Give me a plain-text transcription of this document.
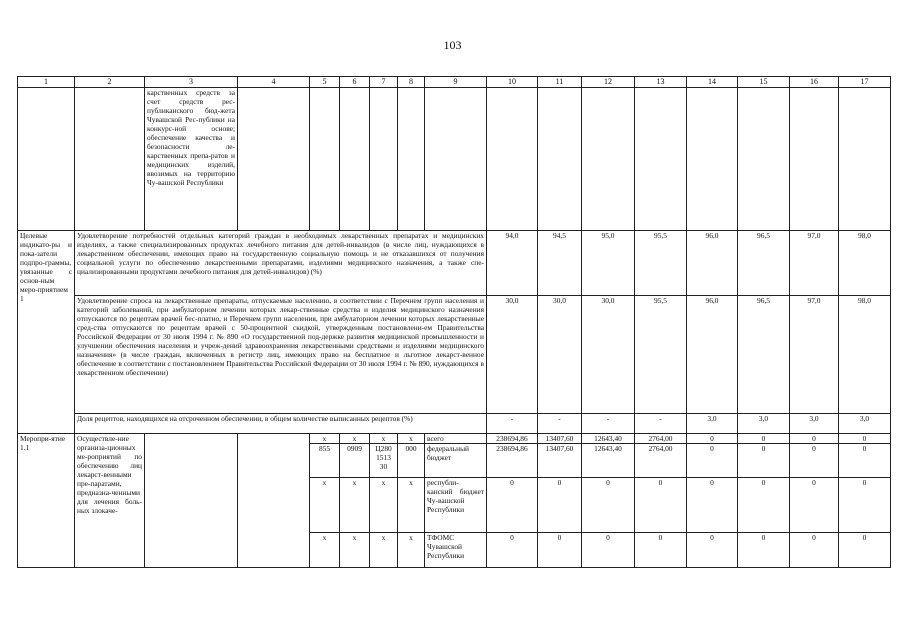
103
1	2	3	4	5	6	7	8	9	10	11	12	13	14	15	16	17
		карственных средств за счет средств рес-публиканского бюд-жета Чувашской Рес-публики на конкурс-ной основе; обеспечение качества и безопасности ле-карственных препа-ратов и медицинских изделий, ввозимых на территорию Чу-вашской Республики														
Целевые индикато-ры и пока-затели подпро-граммы, увязанные с основ-ным меро-приятием 1	Удовлетворение потребностей отдельных категорий граждан в необходимых лекарственных препаратах и медицинских изделиях, а также специализированных продуктах лечебного питания для детей-инвалидов (в числе лиц, нуждающихся в лекарственном обеспечении, имеющих право на государственную социальную помощь и не отказавшихся от получения социальной услуги по обеспечению лекарственными препаратами, изделиями медицинского назначения, а также спе-циализированными продуктами лечебного питания для детей-инвалидов) (%)								94,0	94,5	95,0	95,5	96,0	96,5	97,0	98,0
	Удовлетворение спроса на лекарственные препараты, отпускаемые населению, в соответствии с Перечнем групп населения и категорий заболеваний, при амбулаторном лечении которых лекар-ственные средства и изделия медицинского назначения отпускаются по рецептам врачей бес-платно, и Перечнем групп населения, при амбулаторном лечении которых лекарственные сред-ства отпускаются по рецептам врачей с 50-процентной скидкой, утвержденным постановлени-ем Правительства Российской Федерации от 30 июля 1994 г. № 890 «О государственной под-держке развития медицинской промышленности и улучшении обеспечения населения и учреж-дений здравоохранения лекарственными средствами и изделиями медицинского назначения» (в числе граждан, включенных в регистр лиц, имеющих право на бесплатное и льготное лекарст-венное обеспечение в соответствии с постановлением Правительства Российской Федерации от 30 июля 1994 г. № 890, нуждающихся в лекарственном обеспечении)								30,0	30,0	30,0	95,5	96,0	96,5	97,0	98,0
	Доля рецептов, находящихся на отсроченном обеспечении, в общем количестве выписанных рецептов (%)								-	-	-	-	3,0	3,0	3,0	3,0
Меропри-ятие 1.1	Осуществле-ние организа-ционных ме-роприятий по обеспечению лиц лекарст-венными пре-паратами, предназна-ченными для лечения боль-ных злокаче-			x	x	x	x	всего	238694,86	13407,60	12643,40	2764,00	0	0	0	0
				855	0909	Ц280 1513 30	000	федеральный бюджет	238694,86	13407,60	12643,40	2764,00	0	0	0	0
				x	x	x	x	республи-канский бюджет Чу-вашской Республики	0	0	0	0	0	0	0	0
				x	x	x	x	ТФОМС Чувашской Республики	0	0	0	0	0	0	0	0
